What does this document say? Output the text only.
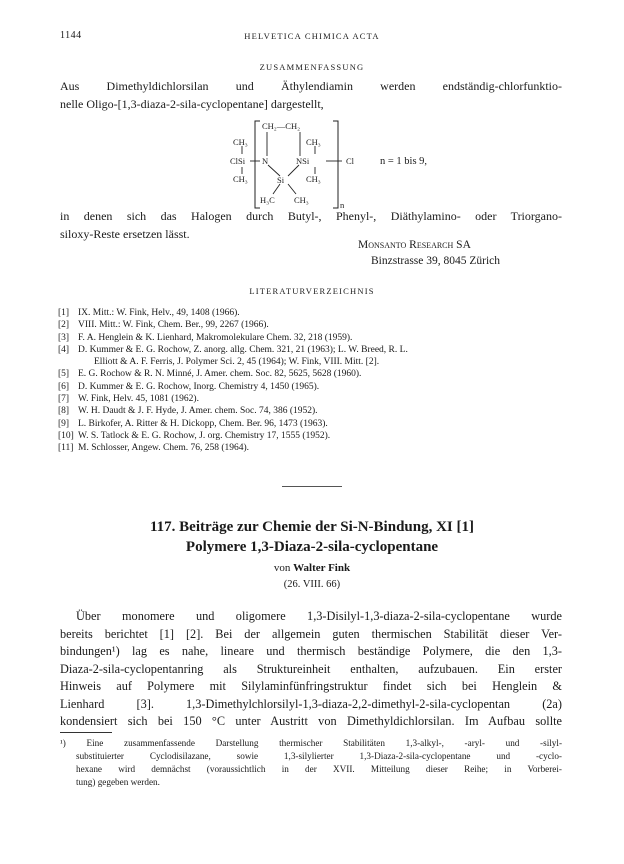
1144	HELVETICA CHIMICA ACTA
ZUSAMMENFASSUNG
Aus Dimethyldichlorsilan und Äthylendiamin werden endständig-chlorfunktio-
nelle Oligo-[1,3-diaza-2-sila-cyclopentane] dargestellt,
CH₂—CH₂
CH₃	CH₃
ClSi N	NSi	Cl
Si
CH₃	CH₃
H₃C CH₃	n
n = 1 bis 9,
in denen sich das Halogen durch Butyl-, Phenyl-, Diäthylamino- oder Triorgano-
siloxy-Reste ersetzen lässt.
Monsanto Research SA
Binzstrasse 39, 8045 Zürich
LITERATURVERZEICHNIS
[1] IX. Mitt.: W. Fink, Helv., 49, 1408 (1966).
[2] VIII. Mitt.: W. Fink, Chem. Ber., 99, 2267 (1966).
[3] F. A. Henglein & K. Lienhard, Makromolekulare Chem. 32, 218 (1959).
[4] D. Kummer & E. G. Rochow, Z. anorg. allg. Chem. 321, 21 (1963); L. W. Breed, R. L.
Elliott & A. F. Ferris, J. Polymer Sci. 2, 45 (1964); W. Fink, VIII. Mitt. [2].
[5] E. G. Rochow & R. N. Minné, J. Amer. chem. Soc. 82, 5625, 5628 (1960).
[6] D. Kummer & E. G. Rochow, Inorg. Chemistry 4, 1450 (1965).
[7] W. Fink, Helv. 45, 1081 (1962).
[8] W. H. Daudt & J. F. Hyde, J. Amer. chem. Soc. 74, 386 (1952).
[9] L. Birkofer, A. Ritter & H. Dickopp, Chem. Ber. 96, 1473 (1963).
[10] W. S. Tatlock & E. G. Rochow, J. org. Chemistry 17, 1555 (1952).
[11] M. Schlosser, Angew. Chem. 76, 258 (1964).
117. Beiträge zur Chemie der Si-N-Bindung, XI [1]
Polymere 1,3-Diaza-2-sila-cyclopentane
von Walter Fink
(26. VIII. 66)
Über monomere und oligomere 1,3-Disilyl-1,3-diaza-2-sila-cyclopentane wurde
bereits berichtet [1] [2]. Bei der allgemein guten thermischen Stabilität dieser Ver-
bindungen¹) lag es nahe, lineare und thermisch beständige Polymere, die den 1,3-
Diaza-2-sila-cyclopentanring als Struktureinheit enthalten, aufzubauen. Ein erster
Hinweis auf Polymere mit Silylaminfünfringstruktur findet sich bei Henglein &
Lienhard [3]. 1,3-Dimethylchlorsilyl-1,3-diaza-2,2-dimethyl-2-sila-cyclopentan (2a)
kondensiert sich bei 150 °C unter Austritt von Dimethyldichlorsilan. Im Aufbau sollte
¹) Eine zusammenfassende Darstellung thermischer Stabilitäten 1,3-alkyl-, -aryl- und -silyl-
substituierter Cyclodisilazane, sowie 1,3-silylierter 1,3-Diaza-2-sila-cyclopentane und -cyclo-
hexane wird demnächst (voraussichtlich in der XVII. Mitteilung dieser Reihe; in Vorberei-
tung) gegeben werden.
